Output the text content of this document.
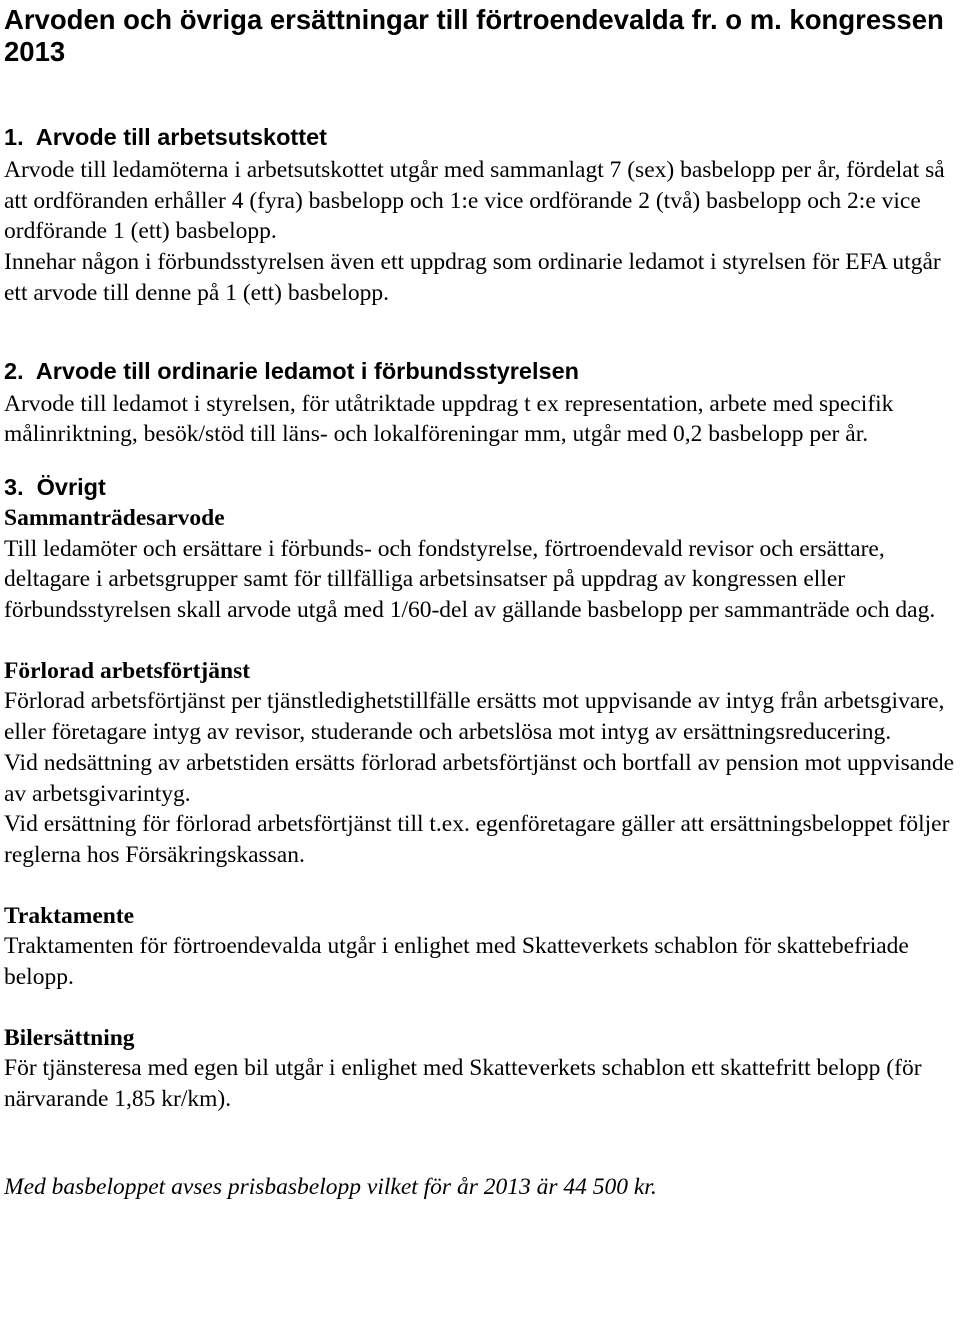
Arvoden och övriga ersättningar till förtroendevalda fr. o m. kongressen 2013
1.  Arvode till arbetsutskottet

Arvode till ledamöterna i arbetsutskottet utgår med sammanlagt 7 (sex) basbelopp per år, fördelat så att ordföranden erhåller 4 (fyra) basbelopp och 1:e vice ordförande 2 (två) basbelopp och 2:e vice ordförande 1 (ett) basbelopp.

Innehar någon i förbundsstyrelsen även ett uppdrag som ordinarie ledamot i styrelsen för EFA utgår ett arvode till denne på 1 (ett) basbelopp.

2.  Arvode till ordinarie ledamot i förbundsstyrelsen

Arvode till ledamot i styrelsen, för utåtriktade uppdrag t ex representation, arbete med specifik målinriktning, besök/stöd till läns- och lokalföreningar mm, utgår med 0,2 basbelopp per år.

3.  Övrigt
Sammanträdesarvode

Till ledamöter och ersättare i förbunds- och fondstyrelse, förtroendevald revisor och ersättare, deltagare i arbetsgrupper samt för tillfälliga arbetsinsatser på uppdrag av kongressen eller förbundsstyrelsen skall arvode utgå med 1/60-del av gällande basbelopp per sammanträde och dag.

Förlorad arbetsförtjänst

Förlorad arbetsförtjänst per tjänstledighetstillfälle ersätts mot uppvisande av intyg från arbetsgivare, eller företagare intyg av revisor, studerande och arbetslösa mot intyg av ersättningsreducering.

Vid nedsättning av arbetstiden ersätts förlorad arbetsförtjänst och bortfall av pension mot uppvisande av arbetsgivarintyg.

Vid ersättning för förlorad arbetsförtjänst till t.ex. egenföretagare gäller att ersättningsbeloppet följer reglerna hos Försäkringskassan.

Traktamente

Traktamenten för förtroendevalda utgår i enlighet med Skatteverkets schablon för skattebefriade belopp.

Bilersättning

För tjänsteresa med egen bil utgår i enlighet med Skatteverkets schablon ett skattefritt belopp (för närvarande 1,85 kr/km).

Med basbeloppet avses prisbasbelopp vilket för år 2013 är 44 500 kr.
